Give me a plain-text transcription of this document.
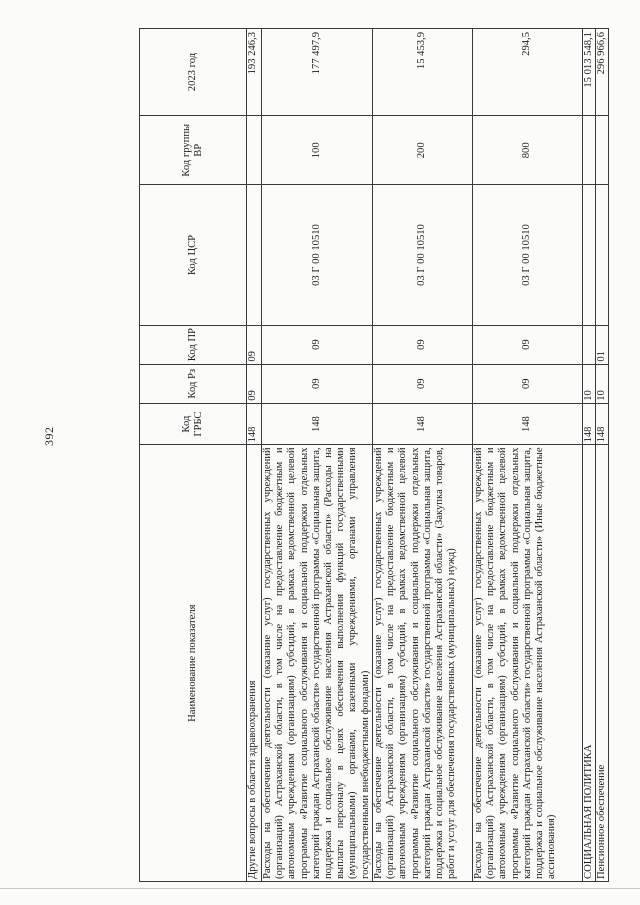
392
Наименование показателя	Код ГРБС	Код Рз	Код ПР	Код ЦСР	Код группы ВР	2023 год
Другие вопросы в области здравоохранения	148	09	09			193 246,3
Расходы на обеспечение деятельности (оказание услуг) государственных учреждений (организаций) Астраханской области, в том числе на предоставление бюджетным и автономным учреждениям (организациям) субсидий, в рамках ведомственной целевой программы «Развитие социального обслуживания и социальной поддержки отдельных категорий граждан Астраханской области» государственной программы «Социальная защита, поддержка и социальное обслуживание населения Астраханской области» (Расходы на выплаты персоналу в целях обеспечения выполнения функций государственными (муниципальными) органами, казенными учреждениями, органами управления государственными внебюджетными фондами)	148	09	09	03 Г 00 10510	100	177 497,9
Расходы на обеспечение деятельности (оказание услуг) государственных учреждений (организаций) Астраханской области, в том числе на предоставление бюджетным и автономным учреждениям (организациям) субсидий, в рамках ведомственной целевой программы «Развитие социального обслуживания и социальной поддержки отдельных категорий граждан Астраханской области» государственной программы «Социальная защита, поддержка и социальное обслуживание населения Астраханской области» (Закупка товаров, работ и услуг для обеспечения государственных (муниципальных) нужд)	148	09	09	03 Г 00 10510	200	15 453,9
Расходы на обеспечение деятельности (оказание услуг) государственных учреждений (организаций) Астраханской области, в том числе на предоставление бюджетным и автономным учреждениям (организациям) субсидий, в рамках ведомственной целевой программы «Развитие социального обслуживания и социальной поддержки отдельных категорий граждан Астраханской области» государственной программы «Социальная защита, поддержка и социальное обслуживание населения Астраханской области» (Иные бюджетные ассигнования)	148	09	09	03 Г 00 10510	800	294,5
СОЦИАЛЬНАЯ ПОЛИТИКА	148	10				15 013 548,1
Пенсионное обеспечение	148	10	01			296 966,6
